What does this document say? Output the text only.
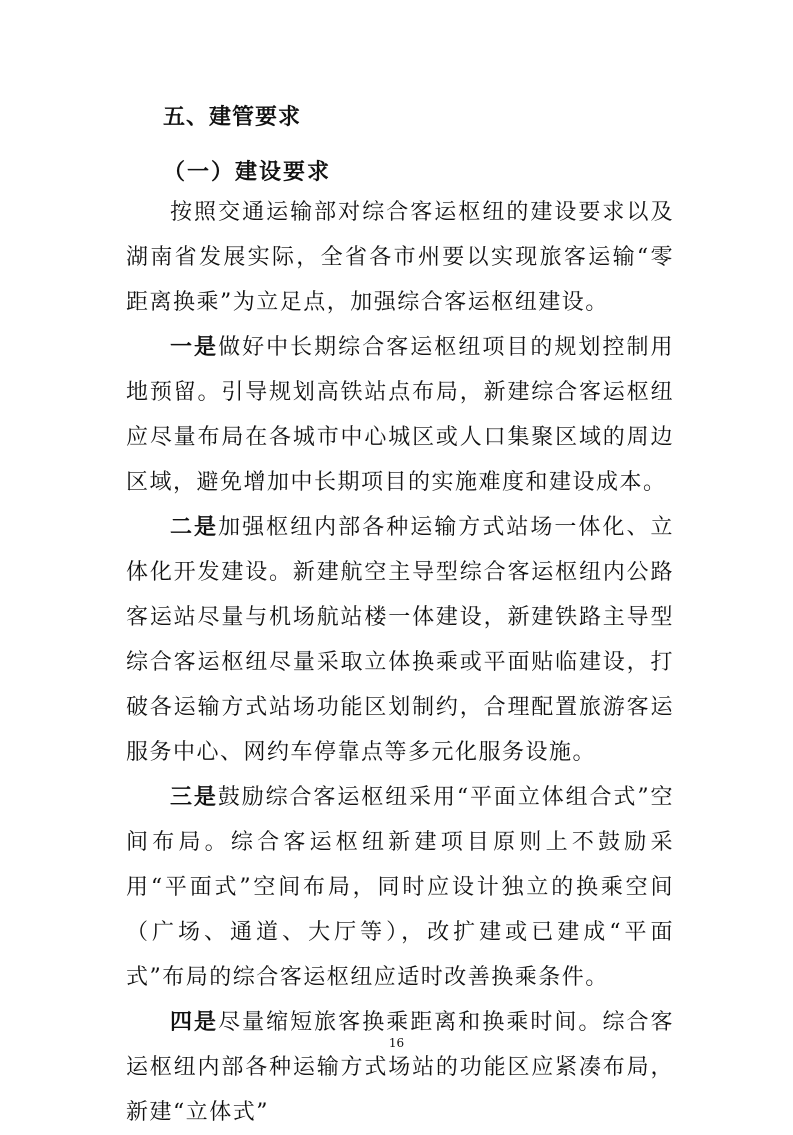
五、建管要求
（一）建设要求

按照交通运输部对综合客运枢纽的建设要求以及湖南省发展实际，全省各市州要以实现旅客运输“零距离换乘”为立足点，加强综合客运枢纽建设。

一是做好中长期综合客运枢纽项目的规划控制用地预留。引导规划高铁站点布局，新建综合客运枢纽应尽量布局在各城市中心城区或人口集聚区域的周边区域，避免增加中长期项目的实施难度和建设成本。

二是加强枢纽内部各种运输方式站场一体化、立体化开发建设。新建航空主导型综合客运枢纽内公路客运站尽量与机场航站楼一体建设，新建铁路主导型综合客运枢纽尽量采取立体换乘或平面贴临建设，打破各运输方式站场功能区划制约，合理配置旅游客运服务中心、网约车停靠点等多元化服务设施。

三是鼓励综合客运枢纽采用“平面立体组合式”空间布局。综合客运枢纽新建项目原则上不鼓励采用“平面式”空间布局，同时应设计独立的换乘空间（广场、通道、大厅等），改扩建或已建成“平面式”布局的综合客运枢纽应适时改善换乘条件。

四是尽量缩短旅客换乘距离和换乘时间。综合客运枢纽内部各种运输方式场站的功能区应紧凑布局，新建“立体式”

16
